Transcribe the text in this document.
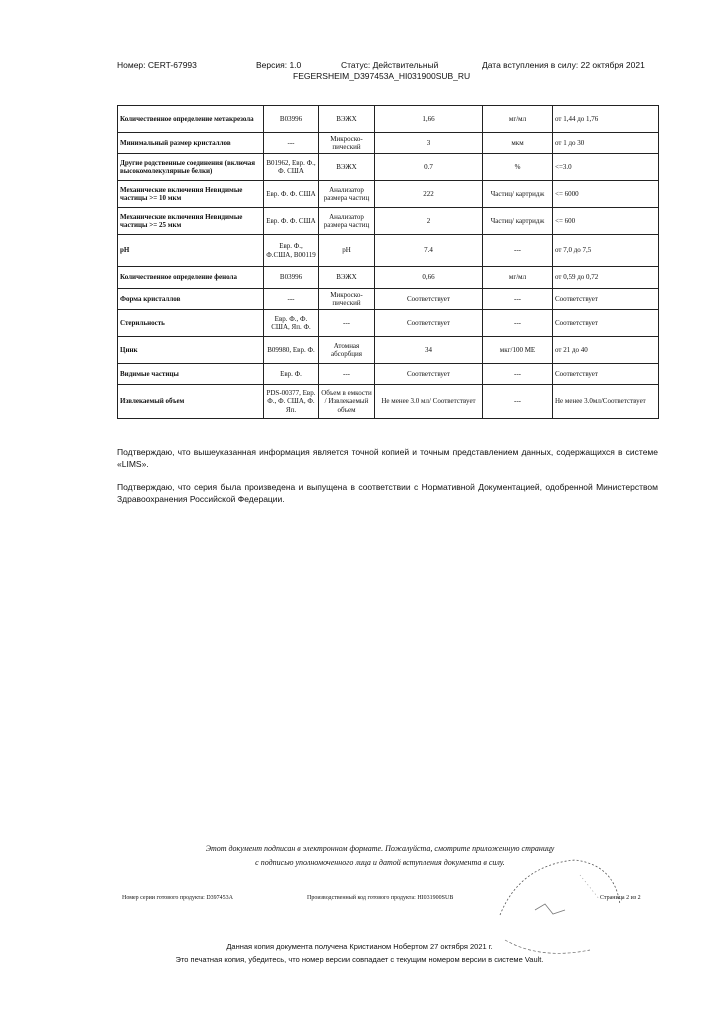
Номер: CERT-67993	Версия: 1.0	Статус: Действительный	Дата вступления в силу: 22 октября 2021
FEGERSHEIM_D397453A_HI031900SUB_RU
Количественное определение метакрезола	B03996	ВЭЖХ	1,66	мг/мл	от 1,44 до 1,76
Минимальный размер кристаллов	---	Микроско- пический	3	мкм	от 1 до 30
Другие родственные соединения (включая высокомолекулярные белки)	B01962, Евр. Ф., Ф. США	ВЭЖХ	0.7	%	<=3.0
Механические включения Невидимые частицы >= 10 мкм	Евр. Ф. Ф. США	Анализатор размера частиц	222	Частиц/ картридж	<= 6000
Механические включения Невидимые частицы >= 25 мкм	Евр. Ф. Ф. США	Анализатор размера частиц	2	Частиц/ картридж	<= 600
pH	Евр. Ф., Ф.США, B00119	pH	7.4	---	от 7,0 до 7,5
Количественное определение фенола	B03996	ВЭЖХ	0,66	мг/мл	от 0,59 до 0,72
Форма кристаллов	---	Микроско- пический	Соответствует	---	Соответствует
Стерильность	Евр. Ф., Ф. США, Яп. Ф.	---	Соответствует	---	Соответствует
Цинк	B09980, Евр. Ф.	Атомная абсорбция	34	мкг/100 МЕ	от 21 до 40
Видимые частицы	Евр. Ф.	---	Соответствует	---	Соответствует
Извлекаемый объем	PDS-00377, Евр. Ф., Ф. США, Ф. Яп.	Объем в емкости / Извлекаемый объем	Не менее 3.0 мл/ Соответствует	---	Не менее 3.0мл/Соответствует
Подтверждаю, что вышеуказанная информация является точной копией и точным представлением данных, содержащихся в системе «LIMS».
Подтверждаю, что серия была произведена и выпущена в соответствии с Нормативной Документацией, одобренной Министерством Здравоохранения Российской Федерации.
Этот документ подписан в электронном формате. Пожалуйста, смотрите приложенную страницу
с подписью уполномоченного лица и датой вступления документа в силу.
Номер серии готового продукта: D397453A	Производственный код готового продукта: HI031900SUB	Страница 2 из 2
Данная копия документа получена Кристианом Нобертом 27 октября 2021 г.
Это печатная копия, убедитесь, что номер версии совпадает с текущим номером версии в системе Vault.
